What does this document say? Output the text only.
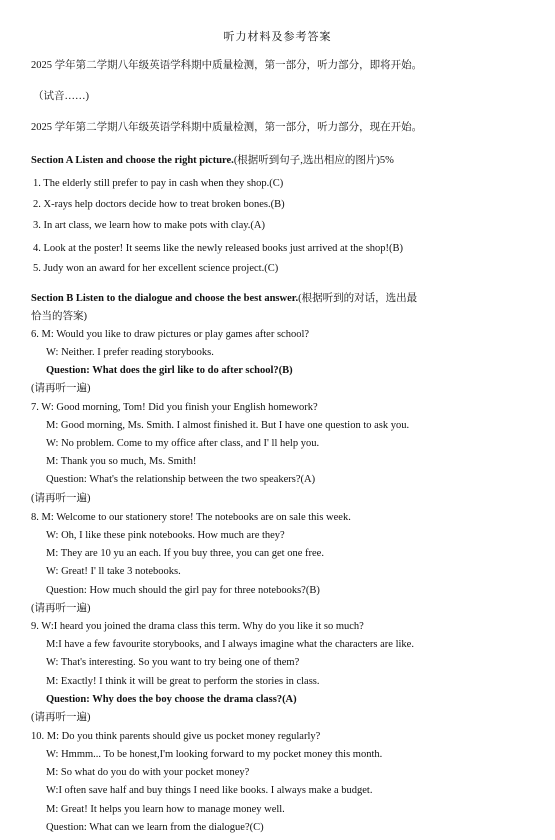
听力材料及参考答案
2025 学年第二学期八年级英语学科期中质量检测，第一部分，听力部分，即将开始。
（试音……)
2025 学年第二学期八年级英语学科期中质量检测，第一部分，听力部分，现在开始。
Section A Listen and choose the right picture.(根据听到句子,选出相应的图片)5%
1. The elderly still prefer to pay in cash when they shop.(C)
2. X-rays help doctors decide how to treat broken bones.(B)
3. In art class, we learn how to make pots with clay.(A)
4. Look at the poster! It seems like the newly released books just arrived at the shop!(B)
5. Judy won an award for her excellent science project.(C)
Section B Listen to the dialogue and choose the best answer.(根据听到的对话，选出最
恰当的答案)
6. M: Would you like to draw pictures or play games after school?
W: Neither. I prefer reading storybooks.
Question: What does the girl like to do after school?(B)
(请再听一遍)
7. W: Good morning, Tom! Did you finish your English homework?
M: Good morning, Ms. Smith. I almost finished it. But I have one question to ask you.
W: No problem. Come to my office after class, and I' ll help you.
M: Thank you so much, Ms. Smith!
Question: What's the relationship between the two speakers?(A)
(请再听一遍)
8. M: Welcome to our stationery store! The notebooks are on sale this week.
W: Oh, I like these pink notebooks. How much are they?
M: They are 10 yu an each. If you buy three, you can get one free.
W: Great! I' ll take 3 notebooks.
Question: How much should the girl pay for three notebooks?(B)
(请再听一遍)
9. W:I heard you joined the drama class this term. Why do you like it so much?
M:I have a few favourite storybooks, and I always imagine what the characters are like.
W: That's interesting. So you want to try being one of them?
M: Exactly! I think it will be great to perform the stories in class.
Question: Why does the boy choose the drama class?(A)
(请再听一遍)
10. M: Do you think parents should give us pocket money regularly?
W: Hmmm... To be honest,I'm looking forward to my pocket money this month.
M: So what do you do with your pocket money?
W:I often save half and buy things I need like books. I always make a budget.
M: Great! It helps you learn how to manage money well.
Question: What can we learn from the dialogue?(C)
